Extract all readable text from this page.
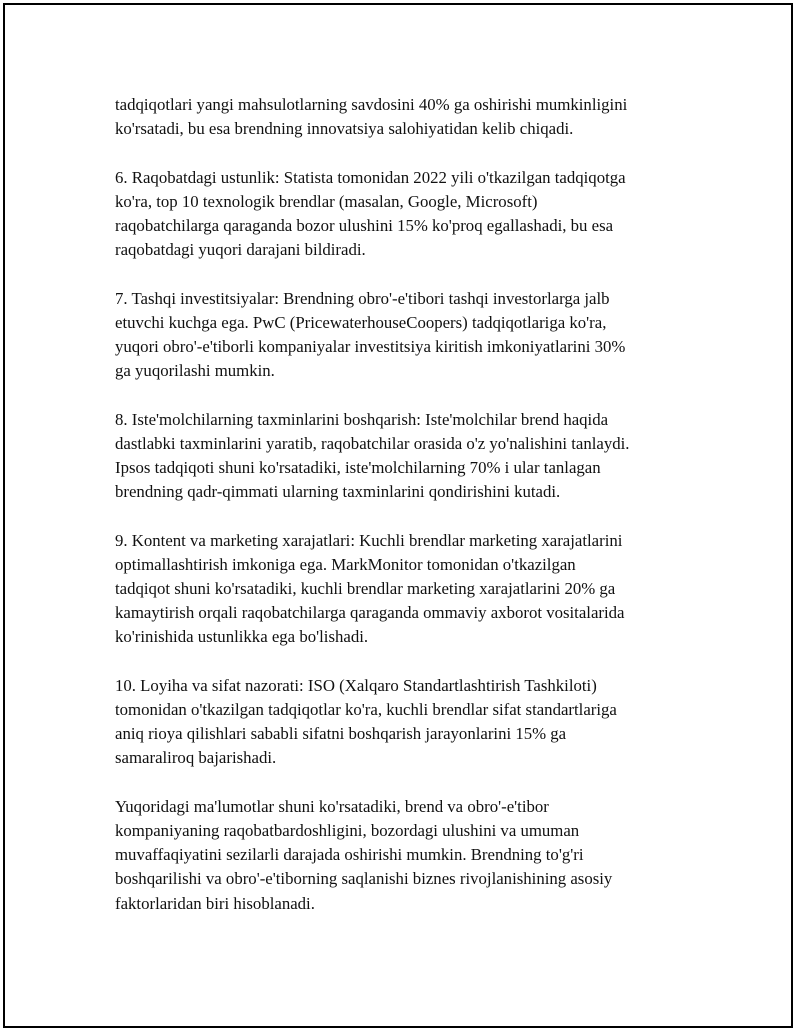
tadqiqotlari yangi mahsulotlarning savdosini 40% ga oshirishi mumkinligini
ko'rsatadi, bu esa brendning innovatsiya salohiyatidan kelib chiqadi.

6. Raqobatdagi ustunlik: Statista tomonidan 2022 yili o'tkazilgan tadqiqotga
ko'ra, top 10 texnologik brendlar (masalan, Google, Microsoft)
raqobatchilarga qaraganda bozor ulushini 15% ko'proq egallashadi, bu esa
raqobatdagi yuqori darajani bildiradi.

7. Tashqi investitsiyalar: Brendning obro'-e'tibori tashqi investorlarga jalb
etuvchi kuchga ega. PwC (PricewaterhouseCoopers) tadqiqotlariga ko'ra,
yuqori obro'-e'tiborli kompaniyalar investitsiya kiritish imkoniyatlarini 30%
ga yuqorilashi mumkin.

8. Iste'molchilarning taxminlarini boshqarish: Iste'molchilar brend haqida
dastlabki taxminlarini yaratib, raqobatchilar orasida o'z yo'nalishini tanlaydi.
Ipsos tadqiqoti shuni ko'rsatadiki, iste'molchilarning 70% i ular tanlagan
brendning qadr-qimmati ularning taxminlarini qondirishini kutadi.

9. Kontent va marketing xarajatlari: Kuchli brendlar marketing xarajatlarini
optimallashtirish imkoniga ega. MarkMonitor tomonidan o'tkazilgan
tadqiqot shuni ko'rsatadiki, kuchli brendlar marketing xarajatlarini 20% ga
kamaytirish orqali raqobatchilarga qaraganda ommaviy axborot vositalarida
ko'rinishida ustunlikka ega bo'lishadi.

10. Loyiha va sifat nazorati: ISO (Xalqaro Standartlashtirish Tashkiloti)
tomonidan o'tkazilgan tadqiqotlar ko'ra, kuchli brendlar sifat standartlariga
aniq rioya qilishlari sababli sifatni boshqarish jarayonlarini 15% ga
samaraliroq bajarishadi.

Yuqoridagi ma'lumotlar shuni ko'rsatadiki, brend va obro'-e'tibor
kompaniyaning raqobatbardoshligini, bozordagi ulushini va umuman
muvaffaqiyatini sezilarli darajada oshirishi mumkin. Brendning to'g'ri
boshqarilishi va obro'-e'tiborning saqlanishi biznes rivojlanishining asosiy
faktorlaridan biri hisoblanadi.
